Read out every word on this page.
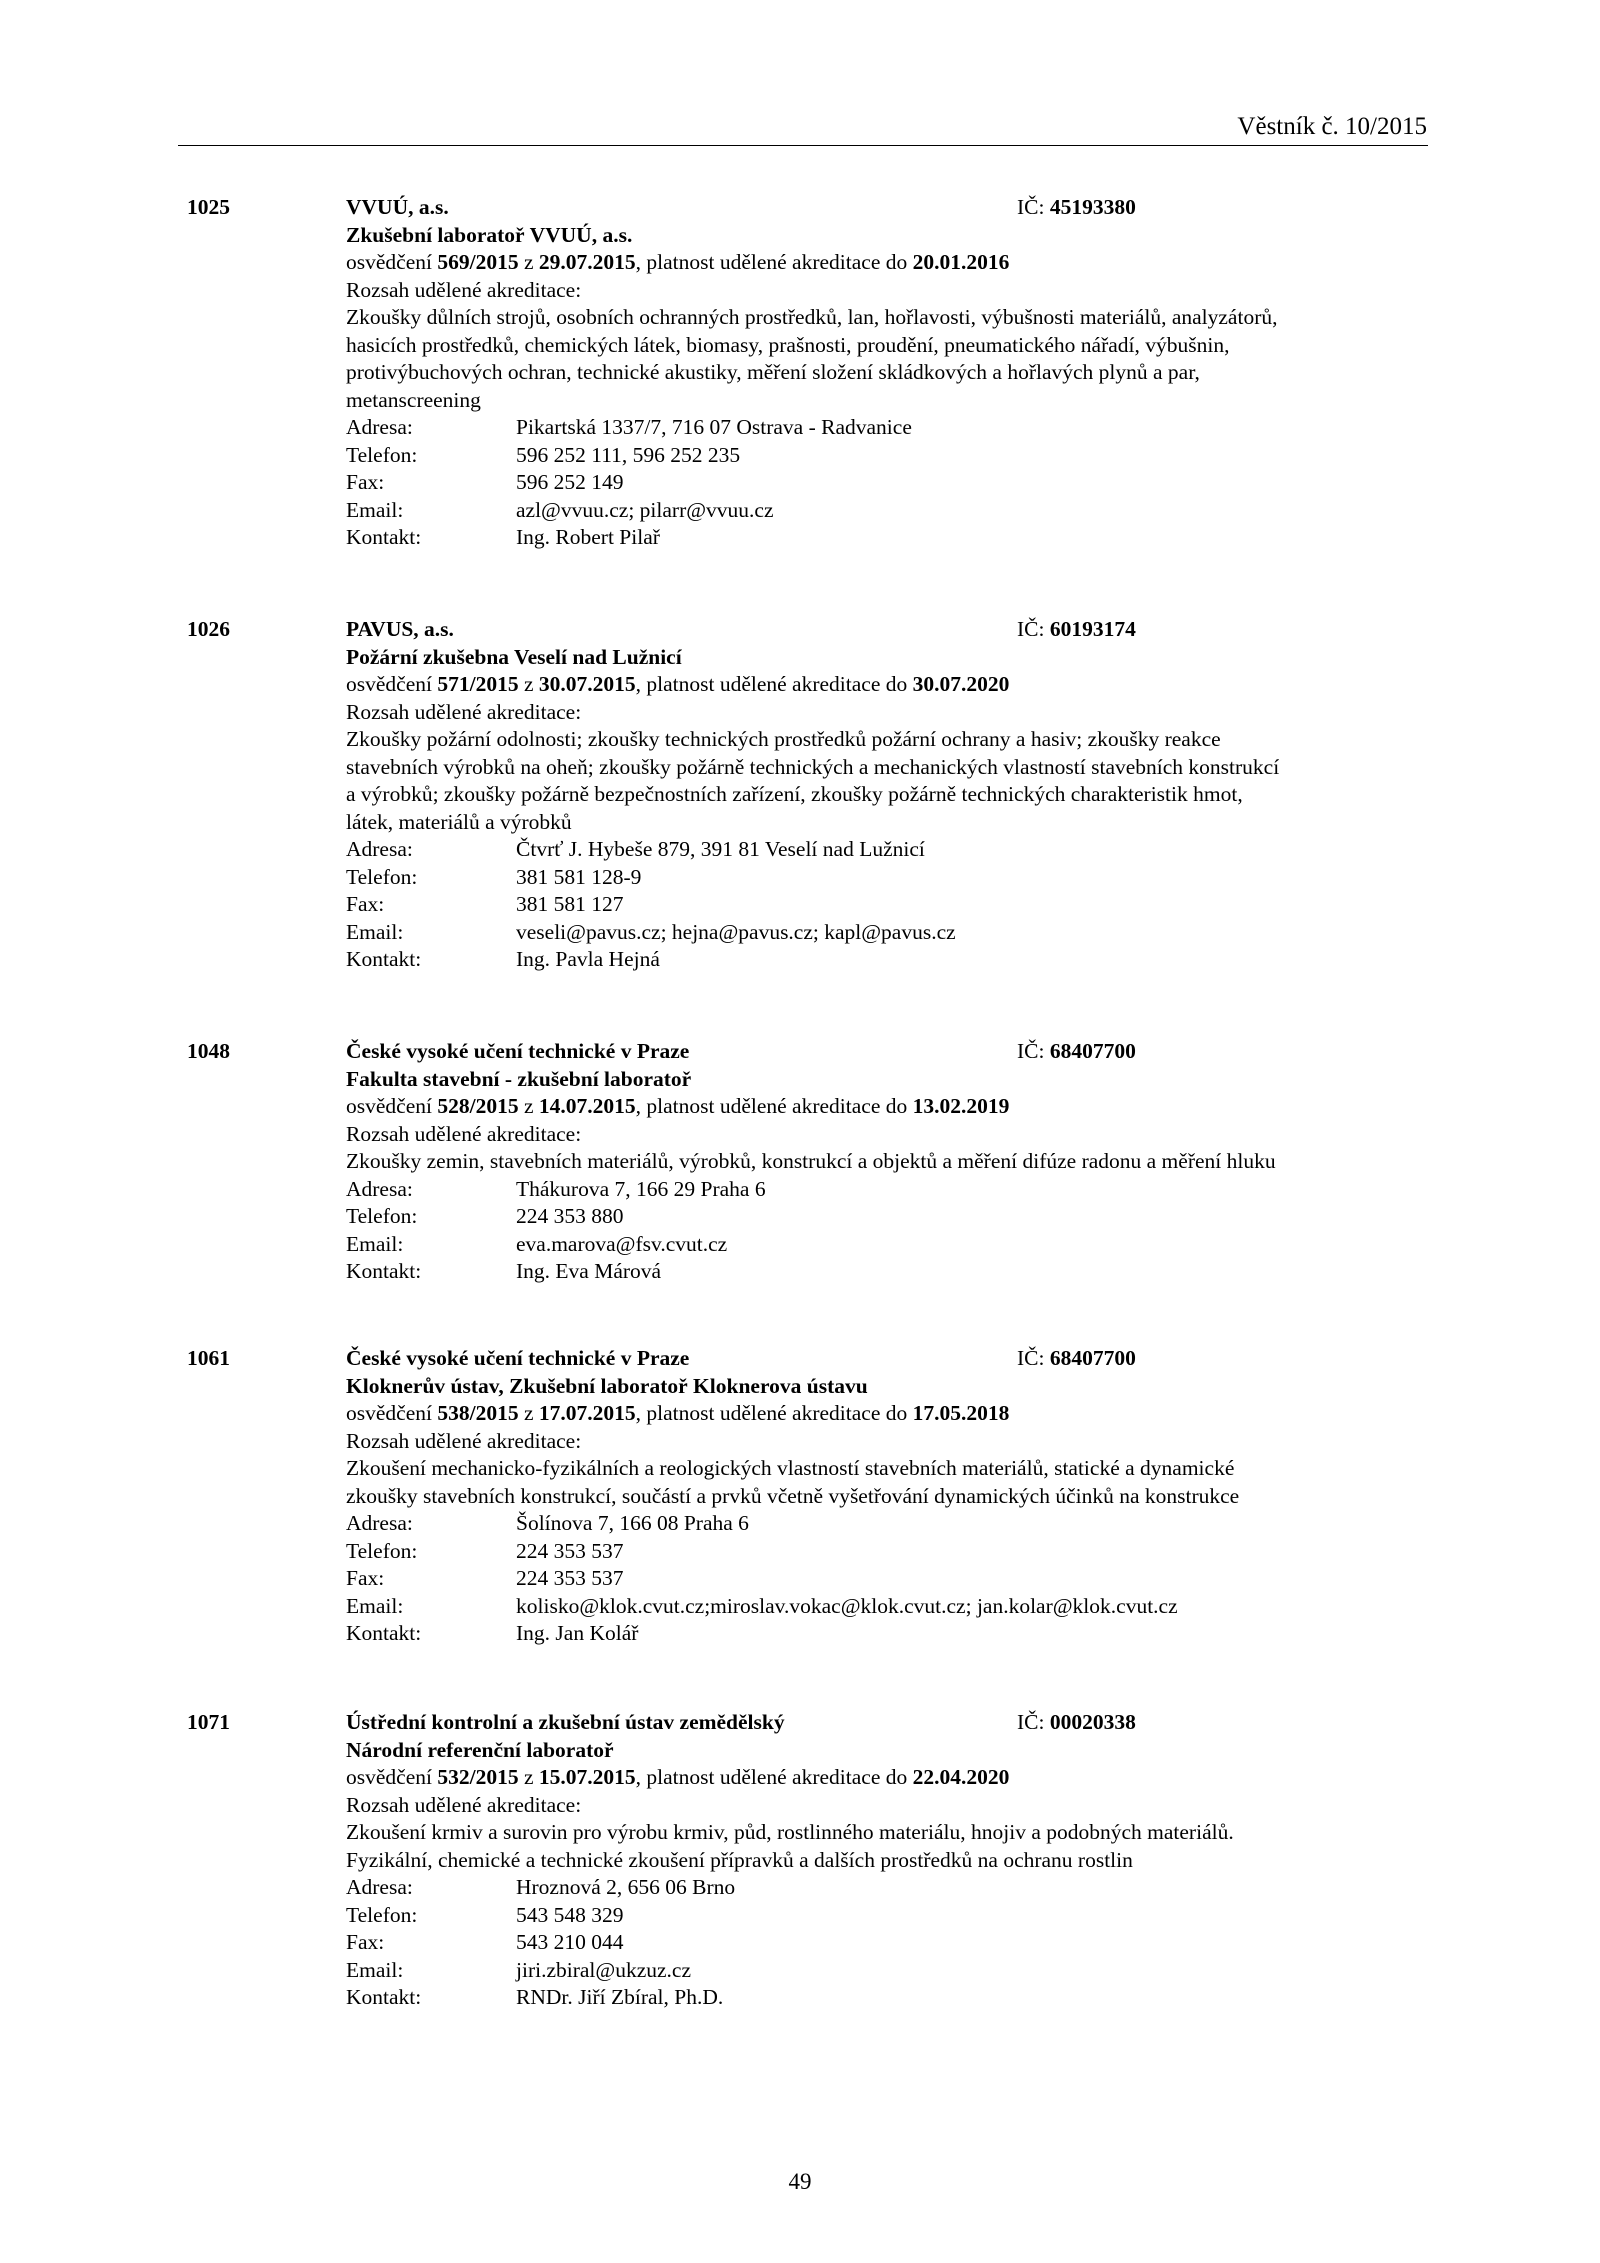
Věstník č. 10/2015
1025	VVUÚ, a.s.	IČ: 45193380
Zkušební laboratoř VVUÚ, a.s.
osvědčení 569/2015 z 29.07.2015, platnost udělené akreditace do 20.01.2016
Rozsah udělené akreditace:
Zkoušky důlních strojů, osobních ochranných prostředků, lan, hořlavosti, výbušnosti materiálů, analyzátorů,
hasicích prostředků, chemických látek, biomasy, prašnosti, proudění, pneumatického nářadí, výbušnin,
protivýbuchových ochran, technické akustiky, měření složení skládkových a hořlavých plynů a par,
metanscreening
Adresa:	Pikartská 1337/7, 716 07 Ostrava - Radvanice
Telefon:	596 252 111, 596 252 235
Fax:	596 252 149
Email:	azl@vvuu.cz; pilarr@vvuu.cz
Kontakt:	Ing. Robert Pilař
1026	PAVUS, a.s.	IČ: 60193174
Požární zkušebna Veselí nad Lužnicí
osvědčení 571/2015 z 30.07.2015, platnost udělené akreditace do 30.07.2020
Rozsah udělené akreditace:
Zkoušky požární odolnosti; zkoušky technických prostředků požární ochrany a hasiv; zkoušky reakce
stavebních výrobků na oheň; zkoušky požárně technických a mechanických vlastností stavebních konstrukcí
a výrobků; zkoušky požárně bezpečnostních zařízení, zkoušky požárně technických charakteristik hmot,
látek, materiálů a výrobků
Adresa:	Čtvrť J. Hybeše 879, 391 81 Veselí nad Lužnicí
Telefon:	381 581 128-9
Fax:	381 581 127
Email:	veseli@pavus.cz; hejna@pavus.cz; kapl@pavus.cz
Kontakt:	Ing. Pavla Hejná
1048	České vysoké učení technické v Praze	IČ: 68407700
Fakulta stavební - zkušební laboratoř
osvědčení 528/2015 z 14.07.2015, platnost udělené akreditace do 13.02.2019
Rozsah udělené akreditace:
Zkoušky zemin, stavebních materiálů, výrobků, konstrukcí a objektů a měření difúze radonu a měření hluku
Adresa:	Thákurova 7, 166 29 Praha 6
Telefon:	224 353 880
Email:	eva.marova@fsv.cvut.cz
Kontakt:	Ing. Eva Márová
1061	České vysoké učení technické v Praze	IČ: 68407700
Kloknerův ústav, Zkušební laboratoř Kloknerova ústavu
osvědčení 538/2015 z 17.07.2015, platnost udělené akreditace do 17.05.2018
Rozsah udělené akreditace:
Zkoušení mechanicko-fyzikálních a reologických vlastností stavebních materiálů, statické a dynamické
zkoušky stavebních konstrukcí, součástí a prvků včetně vyšetřování dynamických účinků na konstrukce
Adresa:	Šolínova 7, 166 08 Praha 6
Telefon:	224 353 537
Fax:	224 353 537
Email:	kolisko@klok.cvut.cz;miroslav.vokac@klok.cvut.cz; jan.kolar@klok.cvut.cz
Kontakt:	Ing. Jan Kolář
1071	Ústřední kontrolní a zkušební ústav zemědělský	IČ: 00020338
Národní referenční laboratoř
osvědčení 532/2015 z 15.07.2015, platnost udělené akreditace do 22.04.2020
Rozsah udělené akreditace:
Zkoušení krmiv a surovin pro výrobu krmiv, půd, rostlinného materiálu, hnojiv a podobných materiálů.
Fyzikální, chemické a technické zkoušení přípravků a dalších prostředků na ochranu rostlin
Adresa:	Hroznová 2, 656 06 Brno
Telefon:	543 548 329
Fax:	543 210 044
Email:	jiri.zbiral@ukzuz.cz
Kontakt:	RNDr. Jiří Zbíral, Ph.D.
49
